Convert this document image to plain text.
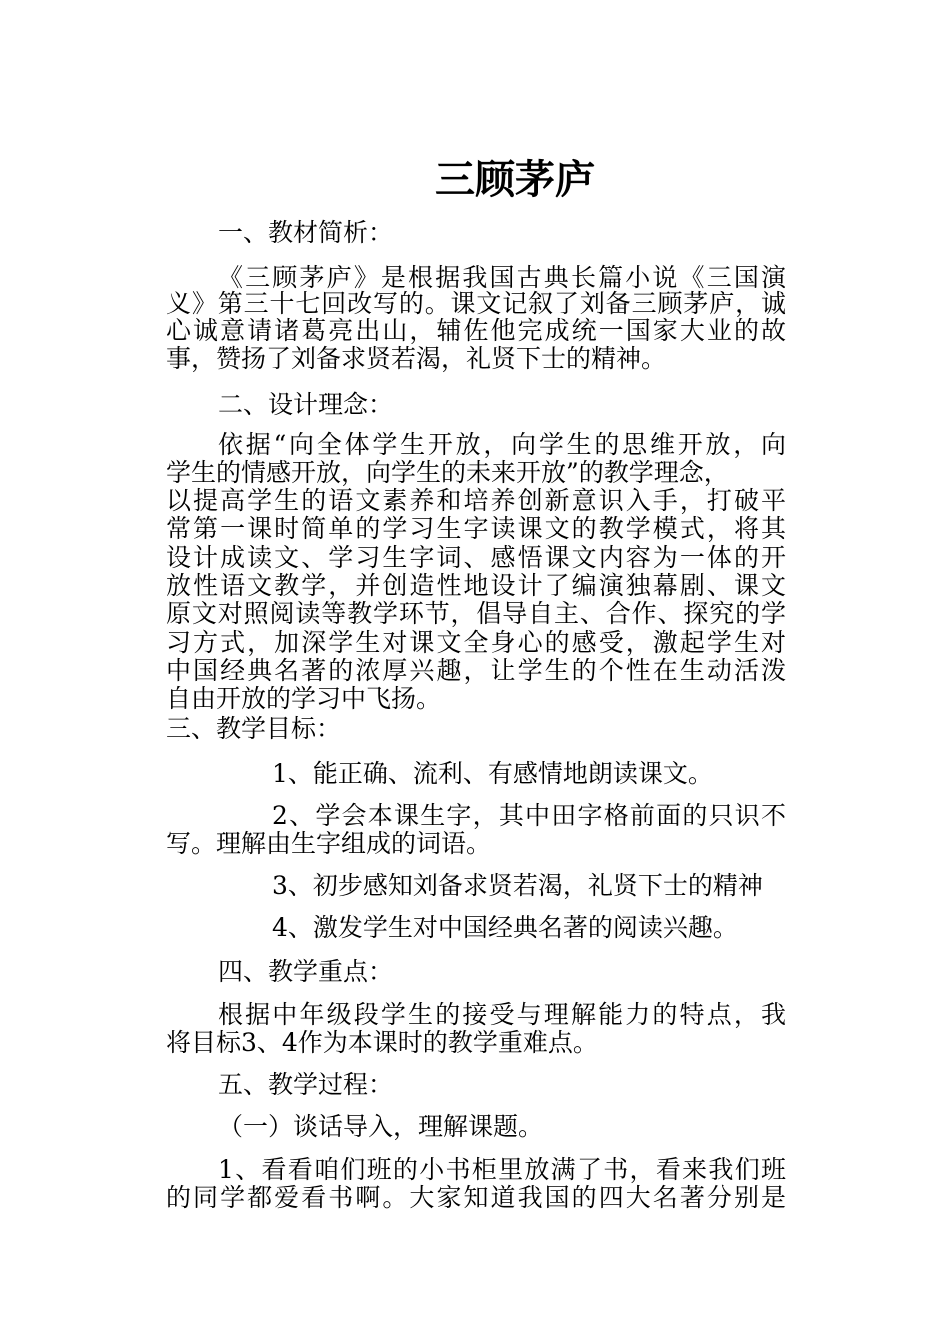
三顾茅庐
一、教材简析：
《三顾茅庐》是根据我国古典长篇小说《三国演
义》第三十七回改写的。课文记叙了刘备三顾茅庐，诚
心诚意请诸葛亮出山，辅佐他完成统一国家大业的故
事，赞扬了刘备求贤若渴，礼贤下士的精神。
二、设计理念：
依据“向全体学生开放，向学生的思维开放，向
学生的情感开放，向学生的未来开放”的教学理念，
以提高学生的语文素养和培养创新意识入手，打破平
常第一课时简单的学习生字读课文的教学模式，将其
设计成读文、学习生字词、感悟课文内容为一体的开
放性语文教学，并创造性地设计了编演独幕剧、课文
原文对照阅读等教学环节，倡导自主、合作、探究的学
习方式，加深学生对课文全身心的感受，激起学生对
中国经典名著的浓厚兴趣，让学生的个性在生动活泼
自由开放的学习中飞扬。
三、教学目标：
1、能正确、流利、有感情地朗读课文。
2、学会本课生字，其中田字格前面的只识不
写。理解由生字组成的词语。
3、初步感知刘备求贤若渴，礼贤下士的精神
4、激发学生对中国经典名著的阅读兴趣。
四、教学重点：
根据中年级段学生的接受与理解能力的特点，我
将目标3、4作为本课时的教学重难点。
五、教学过程：
（一）谈话导入，理解课题。
1、看看咱们班的小书柜里放满了书，看来我们班
的同学都爱看书啊。大家知道我国的四大名著分别是
